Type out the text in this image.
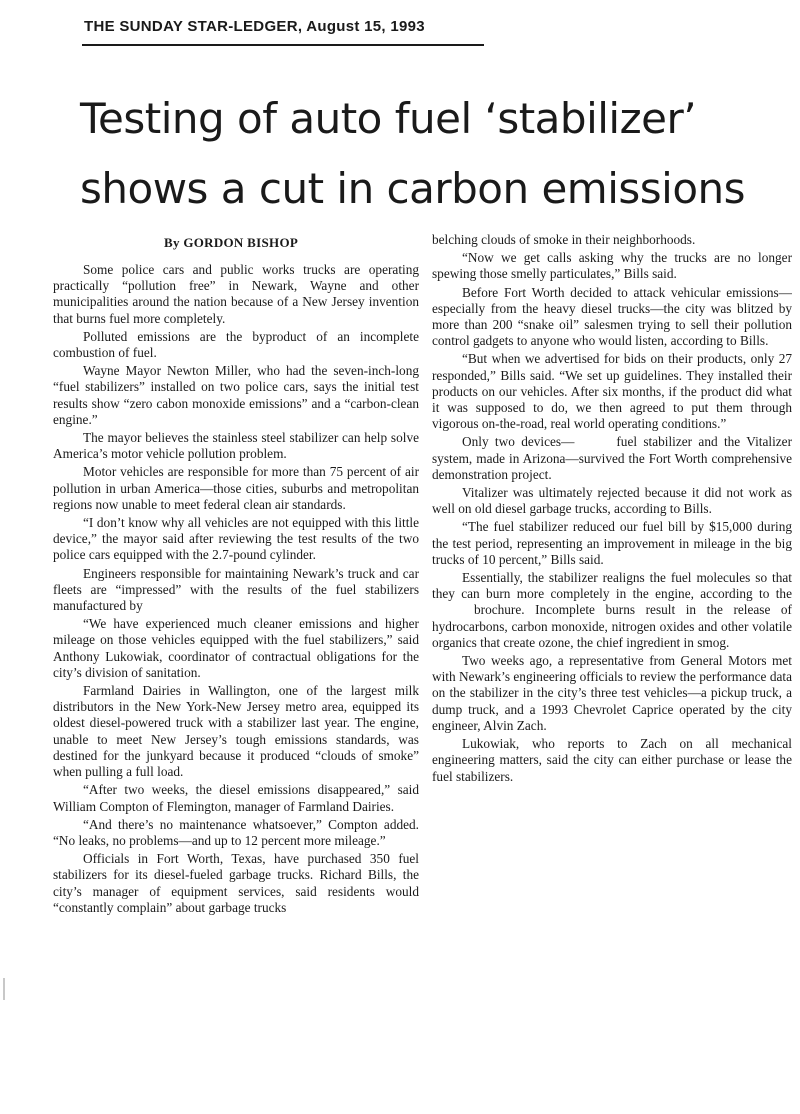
THE SUNDAY STAR-LEDGER, August 15, 1993
Testing of auto fuel ‘stabilizer’
shows a cut in carbon emissions
By GORDON BISHOP

Some police cars and public works trucks are operating practically “pollution free” in Newark, Wayne and other municipalities around the nation because of a New Jersey invention that burns fuel more completely.

Polluted emissions are the byproduct of an incomplete combustion of fuel.

Wayne Mayor Newton Miller, who had the seven-inch-long “fuel stabilizers” installed on two police cars, says the initial test results show “zero cabon monoxide emissions” and a “carbon-clean engine.”

The mayor believes the stainless steel stabilizer can help solve America’s motor vehicle pollution problem.

Motor vehicles are responsible for more than 75 percent of air pollution in urban America—those cities, suburbs and metropolitan regions now unable to meet federal clean air standards.

“I don’t know why all vehicles are not equipped with this little device,” the mayor said after reviewing the test results of the two police cars equipped with the 2.7-pound cylinder.

Engineers responsible for maintaining Newark’s truck and car fleets are “impressed” with the results of the fuel stabilizers manufactured by

“We have experienced much cleaner emissions and higher mileage on those vehicles equipped with the fuel stabilizers,” said Anthony Lukowiak, coordinator of contractual obligations for the city’s division of sanitation.

Farmland Dairies in Wallington, one of the largest milk distributors in the New York-New Jersey metro area, equipped its oldest diesel-powered truck with a stabilizer last year. The engine, unable to meet New Jersey’s tough emissions standards, was destined for the junkyard because it produced “clouds of smoke” when pulling a full load.

“After two weeks, the diesel emissions disappeared,” said William Compton of Flemington, manager of Farmland Dairies.

“And there’s no maintenance whatsoever,” Compton added. “No leaks, no problems—and up to 12 percent more mileage.”

Officials in Fort Worth, Texas, have purchased 350 fuel stabilizers for its diesel-fueled garbage trucks. Richard Bills, the city’s manager of equipment services, said residents would “constantly complain” about garbage trucks

belching clouds of smoke in their neighborhoods.

“Now we get calls asking why the trucks are no longer spewing those smelly particulates,” Bills said.

Before Fort Worth decided to attack vehicular emissions—especially from the heavy diesel trucks—the city was blitzed by more than 200 “snake oil” salesmen trying to sell their pollution control gadgets to anyone who would listen, according to Bills.

“But when we advertised for bids on their products, only 27 responded,” Bills said. “We set up guidelines. They installed their products on our vehicles. After six months, if the product did what it was supposed to do, we then agreed to put them through vigorous on-the-road, real world operating conditions.”

Only two devices—	fuel stabilizer and the Vitalizer system, made in Arizona—survived the Fort Worth comprehensive demonstration project.

Vitalizer was ultimately rejected because it did not work as well on old diesel garbage trucks, according to Bills.

“The fuel stabilizer reduced our fuel bill by $15,000 during the test period, representing an improvement in mileage in the big trucks of 10 percent,” Bills said.

Essentially, the stabilizer realigns the fuel molecules so that they can burn more completely in the engine, according to thebrochure. Incomplete burns result in the release of hydrocarbons, carbon monoxide, nitrogen oxides and other volatile organics that create ozone, the chief ingredient in smog.

Two weeks ago, a representative from General Motors met with Newark’s engineering officials to review the performance data on the stabilizer in the city’s three test vehicles—a pickup truck, a dump truck, and a 1993 Chevrolet Caprice operated by the city engineer, Alvin Zach.

Lukowiak, who reports to Zach on all mechanical engineering matters, said the city can either purchase or lease the fuel stabilizers.
